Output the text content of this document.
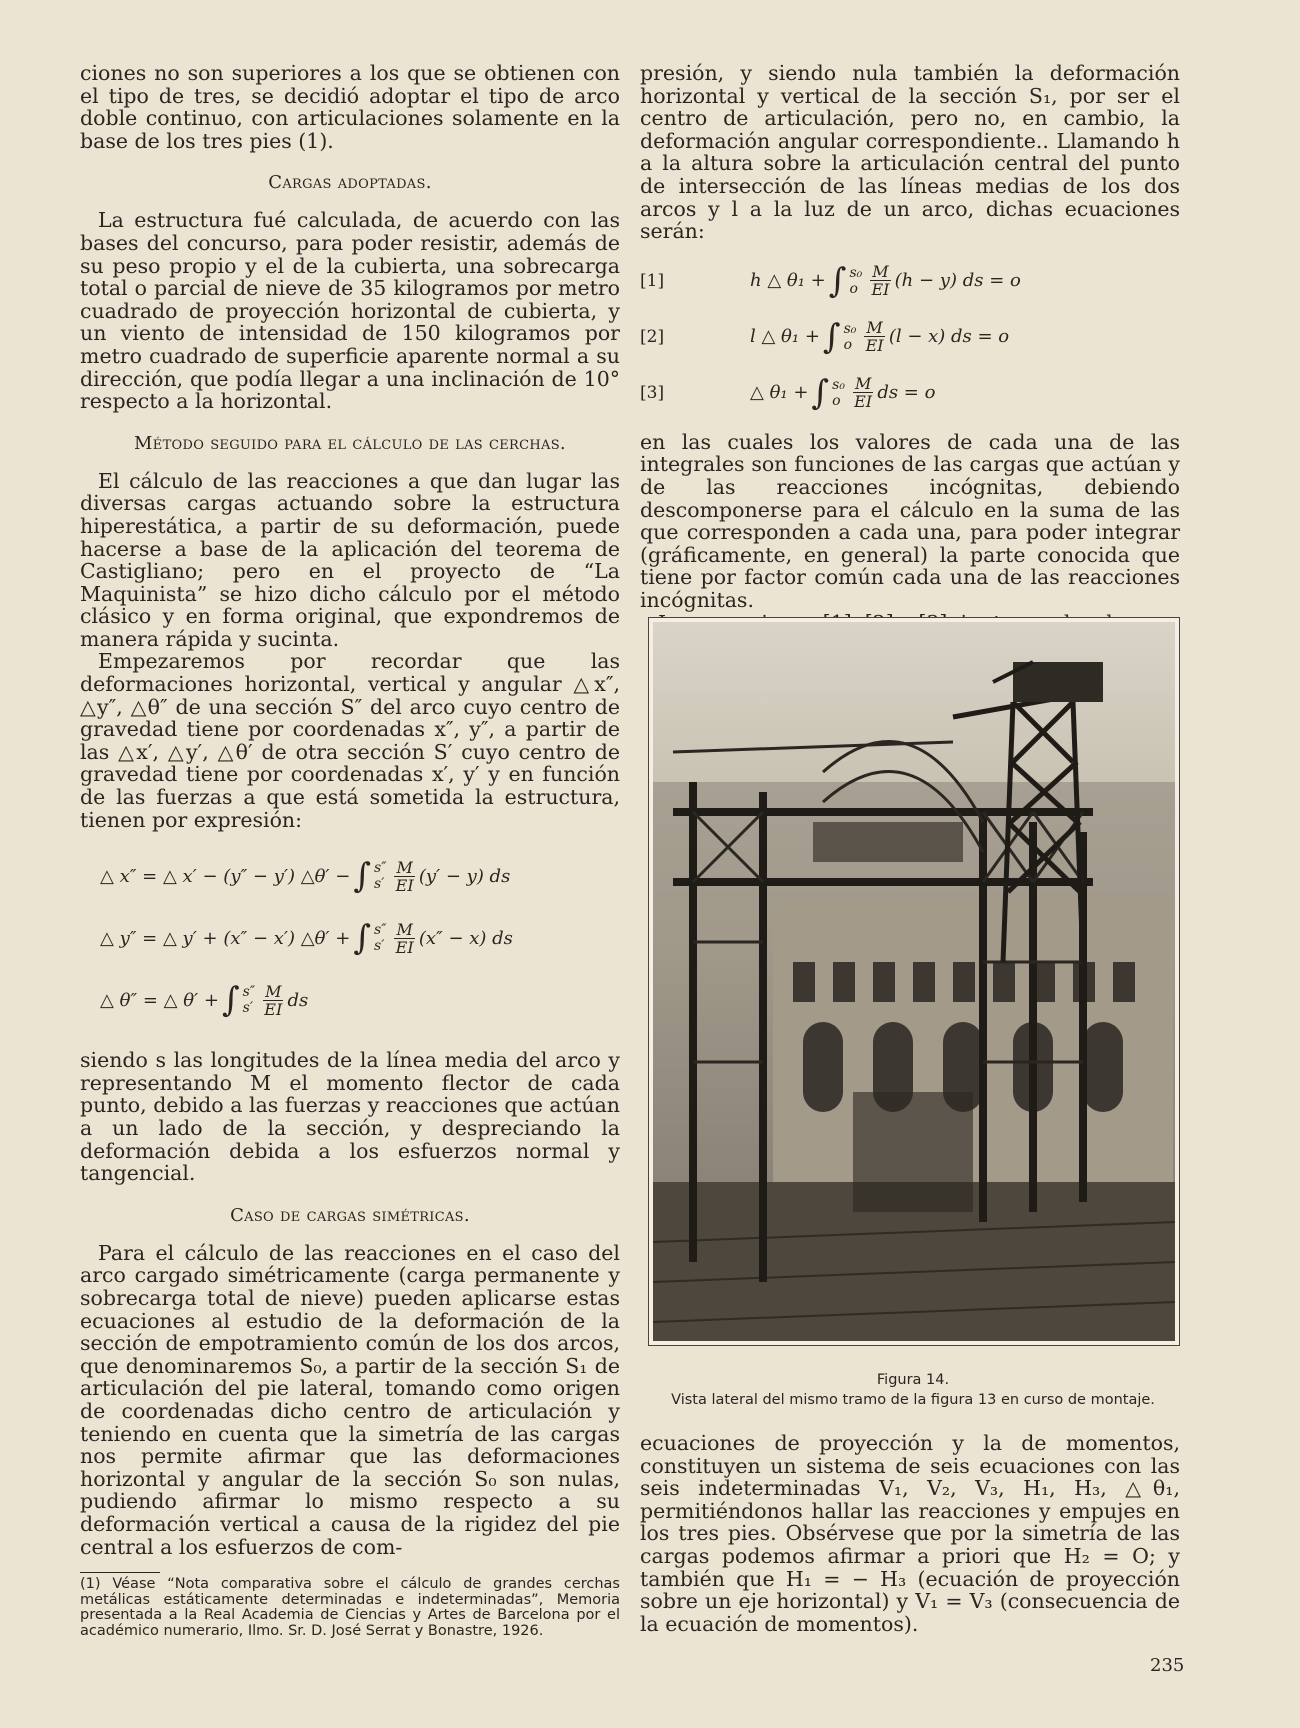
ciones no son superiores a los que se obtienen con el tipo de tres, se decidió adoptar el tipo de arco doble continuo, con articulaciones solamente en la base de los tres pies (1).

Cargas adoptadas.

La estructura fué calculada, de acuerdo con las bases del concurso, para poder resistir, además de su peso propio y el de la cubierta, una sobrecarga total o parcial de nieve de 35 kilogramos por metro cuadrado de proyección horizontal de cubierta, y un viento de intensidad de 150 kilogramos por metro cuadrado de superficie aparente normal a su dirección, que podía llegar a una inclinación de 10° respecto a la horizontal.

Método seguido para el cálculo de las cerchas.

El cálculo de las reacciones a que dan lugar las diversas cargas actuando sobre la estructura hiperestática, a partir de su deformación, puede hacerse a base de la aplicación del teorema de Castigliano; pero en el proyecto de “La Maquinista” se hizo dicho cálculo por el método clásico y en forma original, que expondremos de manera rápida y sucinta.

Empezaremos por recordar que las deformaciones horizontal, vertical y angular △x″, △y″, △θ″ de una sección S″ del arco cuyo centro de gravedad tiene por coordenadas x″, y″, a partir de las △x′, △y′, △θ′ de otra sección S′ cuyo centro de gravedad tiene por coordenadas x′, y′ y en función de las fuerzas a que está sometida la estructura, tienen por expresión:

△ x″ = △ x′ − (y″ − y′) △θ′ − ∫ s″
$s' \frac{M}{EI} (y' - y)$ ds
△ y″ = △ y′ + (x″ − x′) △θ′ + ∫ s″
$s' \frac{M}{EI} (x'' - x)$ ds
△ θ″ = △ θ′ + ∫ s″
$s' \frac{M}{EI}$ ds

siendo s las longitudes de la línea media del arco y representando M el momento flector de cada punto, debido a las fuerzas y reacciones que actúan a un lado de la sección, y despreciando la deformación debida a los esfuerzos normal y tangencial.

Caso de cargas simétricas.

Para el cálculo de las reacciones en el caso del arco cargado simétricamente (carga permanente y sobrecarga total de nieve) pueden aplicarse estas ecuaciones al estudio de la deformación de la sección de empotramiento común de los dos arcos, que denominaremos S₀, a partir de la sección S₁ de articulación del pie lateral, tomando como origen de coordenadas dicho centro de articulación y teniendo en cuenta que la simetría de las cargas nos permite afirmar que las deformaciones horizontal y angular de la sección S₀ son nulas, pudiendo afirmar lo mismo respecto a su deformación vertical a causa de la rigidez del pie central a los esfuerzos de com-

(1) Véase “Nota comparativa sobre el cálculo de grandes cerchas metálicas estáticamente determinadas e indeterminadas”, Memoria presentada a la Real Academia de Ciencias y Artes de Barcelona por el académico numerario, Ilmo. Sr. D. José Serrat y Bonastre, 1926.

presión, y siendo nula también la deformación horizontal y vertical de la sección S₁, por ser el centro de articulación, pero no, en cambio, la deformación angular correspondiente.. Llamando h a la altura sobre la articulación central del punto de intersección de las líneas medias de los dos arcos y l a la luz de un arco, dichas ecuaciones serán:

[1]	h △ θ₁ + ∫ s₀
o $\frac{M}{EI} (h - y)$ ds = o
[2]	l △ θ₁ + ∫ s₀
o $\frac{M}{EI} (l - x)$ ds = o
[3]	△ θ₁ + ∫ s₀
o $\frac{M}{EI}$ ds = o

en las cuales los valores de cada una de las integrales son funciones de las cargas que actúan y de las reacciones incógnitas, debiendo descomponerse para el cálculo en la suma de las que corresponden a cada una, para poder integrar (gráficamente, en general) la parte conocida que tiene por factor común cada una de las reacciones incógnitas.

Figura 14.
Vista lateral del mismo tramo de la figura 13 en curso de montaje.

ecuaciones de proyección y la de momentos, constituyen un sistema de seis ecuaciones con las seis indeterminadas V₁, V₂, V₃, H₁, H₃, △θ₁, permitiéndonos hallar las reacciones y empujes en los tres pies. Obsérvese que por la simetría de las cargas podemos afirmar a priori que H₂ = O; y también que H₁ = − H₃ (ecuación de proyección sobre un eje horizontal) y V₁ = V₃ (consecuencia de la ecuación de momentos).

235
